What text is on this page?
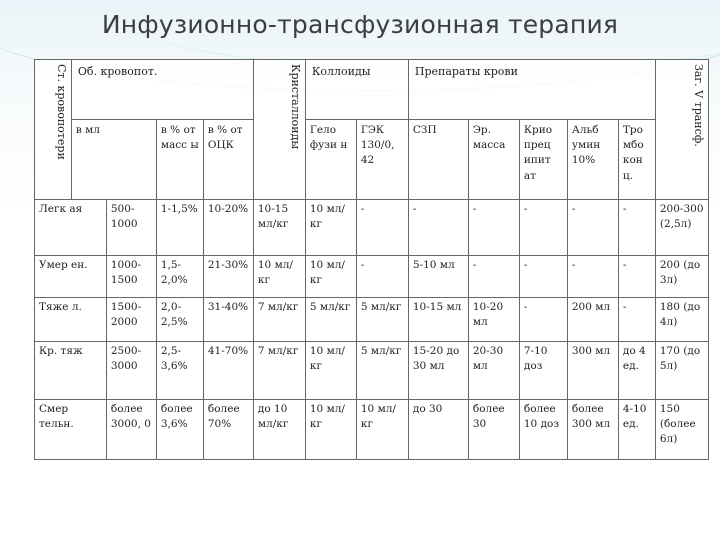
Инфузионно-трансфузионная терапия
Ст. кровопотери	Об. кровопот.				Кристаллоиды	Коллоиды		Препараты крови					Заг. V трансф.
	в мл		в % от масс ы	в % от ОЦК		Гело фузи н	ГЭК 130/0, 42	СЗП	Эр. масса	Крио прец ипит ат	Альб умин 10%	Тро мбо кон ц.	
Легк ая		500-1000	1-1,5%	10-20%	10-15 мл/кг	10 мл/кг	-	-	-	-	-	-	200-300 (2,5л)
Умер ен.		1000-1500	1,5-2,0%	21-30%	10 мл/кг	10 мл/кг	-	5-10 мл	-	-	-	-	200 (до 3л)
Тяже л.		1500-2000	2,0-2,5%	31-40%	7 мл/кг	5 мл/кг	5 мл/кг	10-15 мл	10-20 мл	-	200 мл	-	180 (до 4л)
Кр. тяж		2500-3000	2,5-3,6%	41-70%	7 мл/кг	10 мл/кг	5 мл/кг	15-20 до 30 мл	20-30 мл	7-10 доз	300 мл	до 4 ед.	170 (до 5л)
Смер тельн.		более 3000, 0	более 3,6%	более 70%	до 10 мл/кг	10 мл/кг	10 мл/кг	до 30	более 30	более 10 доз	более 300 мл	4-10 ед.	150 (более 6л)
